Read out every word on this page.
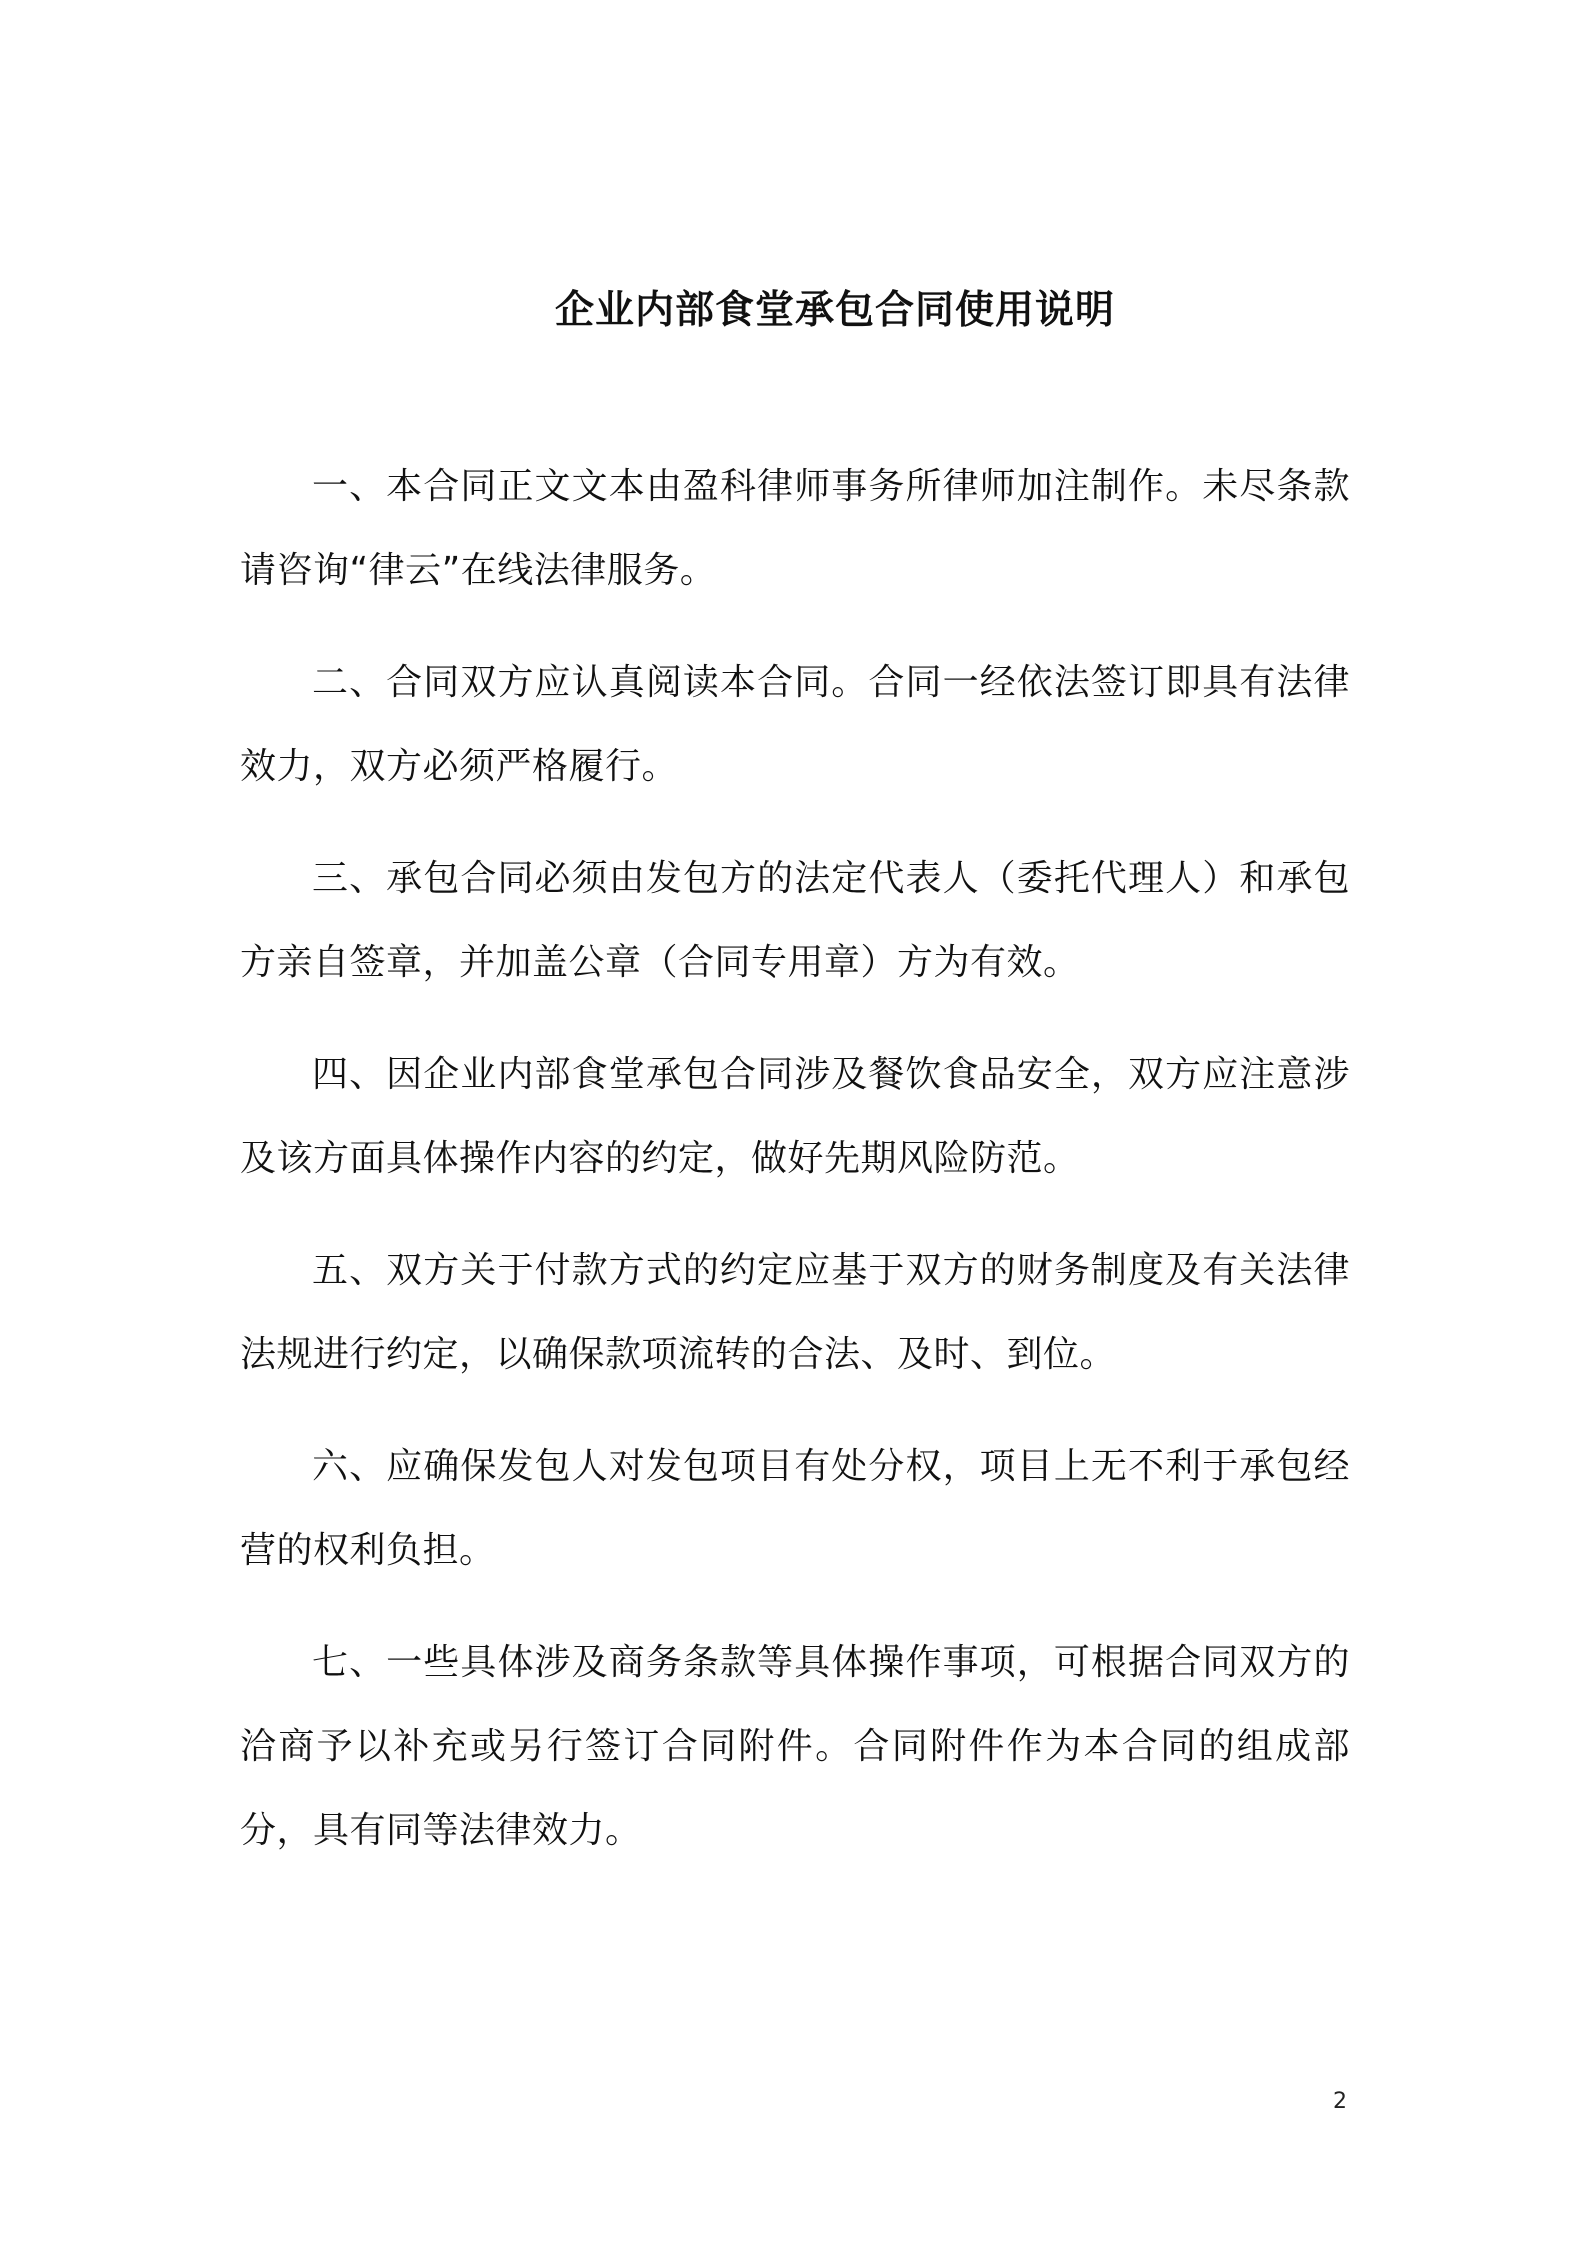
企业内部食堂承包合同使用说明

一、本合同正文文本由盈科律师事务所律师加注制作。未尽条款请咨询“律云”在线法律服务。

二、合同双方应认真阅读本合同。合同一经依法签订即具有法律效力，双方必须严格履行。

三、承包合同必须由发包方的法定代表人（委托代理人）和承包方亲自签章，并加盖公章（合同专用章）方为有效。

四、因企业内部食堂承包合同涉及餐饮食品安全，双方应注意涉及该方面具体操作内容的约定，做好先期风险防范。

五、双方关于付款方式的约定应基于双方的财务制度及有关法律法规进行约定，以确保款项流转的合法、及时、到位。

六、应确保发包人对发包项目有处分权，项目上无不利于承包经营的权利负担。

七、一些具体涉及商务条款等具体操作事项，可根据合同双方的洽商予以补充或另行签订合同附件。合同附件作为本合同的组成部分，具有同等法律效力。

2
